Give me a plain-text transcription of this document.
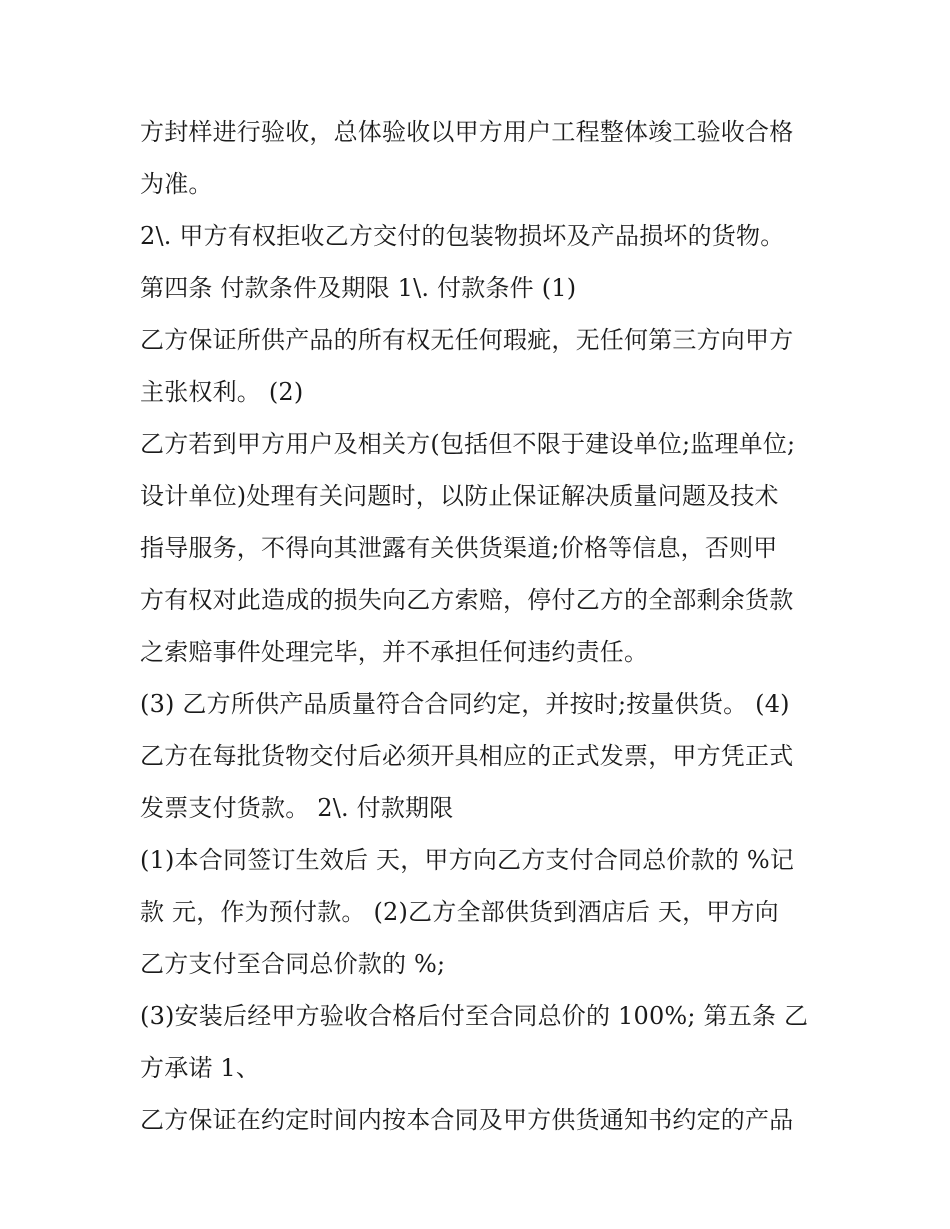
方封样进行验收，总体验收以甲方用户工程整体竣工验收合格
为准。
2\. 甲方有权拒收乙方交付的包装物损坏及产品损坏的货物。
第四条 付款条件及期限 1\. 付款条件 (1)
乙方保证所供产品的所有权无任何瑕疵，无任何第三方向甲方
主张权利。 (2)
乙方若到甲方用户及相关方(包括但不限于建设单位;监理单位;
设计单位)处理有关问题时，以防止保证解决质量问题及技术
指导服务，不得向其泄露有关供货渠道;价格等信息，否则甲
方有权对此造成的损失向乙方索赔，停付乙方的全部剩余货款
之索赔事件处理完毕，并不承担任何违约责任。
(3) 乙方所供产品质量符合合同约定，并按时;按量供货。 (4)
乙方在每批货物交付后必须开具相应的正式发票，甲方凭正式
发票支付货款。 2\. 付款期限
(1)本合同签订生效后 天，甲方向乙方支付合同总价款的 %记
款 元，作为预付款。 (2)乙方全部供货到酒店后 天，甲方向
乙方支付至合同总价款的 %;
(3)安装后经甲方验收合格后付至合同总价的 100%; 第五条 乙
方承诺 1、
乙方保证在约定时间内按本合同及甲方供货通知书约定的产品
